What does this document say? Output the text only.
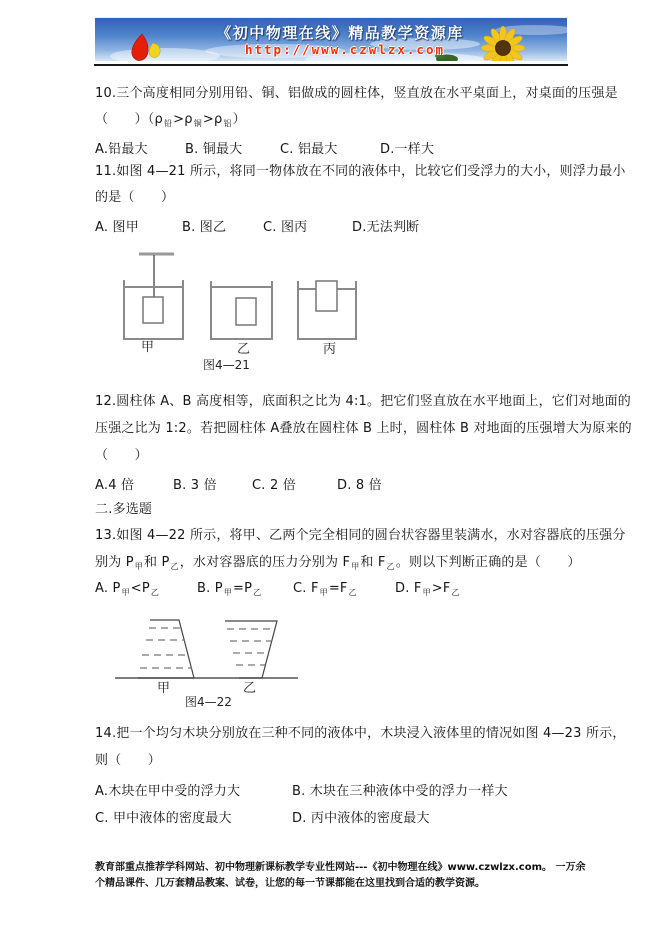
《初中物理在线》精品教学资源库
http://www.czwlzx.com
10.三个高度相同分别用铅、铜、铝做成的圆柱体，竖直放在水平桌面上，对桌面的压强是
（　　）$(\rho_铅>\rho_铜>\rho_铝)$
A.铅最大	B. 铜最大	C. 铝最大	D.一样大
11.如图 4—21 所示，将同一物体放在不同的液体中，比较它们受浮力的大小，则浮力最小
的是（　　）
A. 图甲	B. 图乙	C. 图丙	D.无法判断
甲	乙	丙
图4—21
12.圆柱体 A、B 高度相等，底面积之比为 4:1。把它们竖直放在水平地面上，它们对地面的
压强之比为 1:2。若把圆柱体 A叠放在圆柱体 B 上时，圆柱体 B 对地面的压强增大为原来的
（　　）
A.4 倍	B. 3 倍	C. 2 倍	D. 8 倍
二.多选题
13.如图 4—22 所示，将甲、乙两个完全相同的圆台状容器里装满水，水对容器底的压强分
别为 $P_甲$和 $P_乙$，水对容器底的压力分别为 $F_甲$和 $F_乙$。则以下判断正确的是（　　）
A. $P_甲<P_乙$	B. $P_甲=P_乙$ C. $F_甲=F_乙$	D. $F_甲>F_乙$
甲	乙
图4—22
14.把一个均匀木块分别放在三种不同的液体中，木块浸入液体里的情况如图 4—23 所示，
则（　　）
A.木块在甲中受的浮力大	B. 木块在三种液体中受的浮力一样大
C. 甲中液体的密度最大	D. 丙中液体的密度最大
教育部重点推荐学科网站、初中物理新课标教学专业性网站---《初中物理在线》www.czwlzx.com。 一万余
个精品课件、几万套精品教案、试卷，让您的每一节课都能在这里找到合适的教学资源。
